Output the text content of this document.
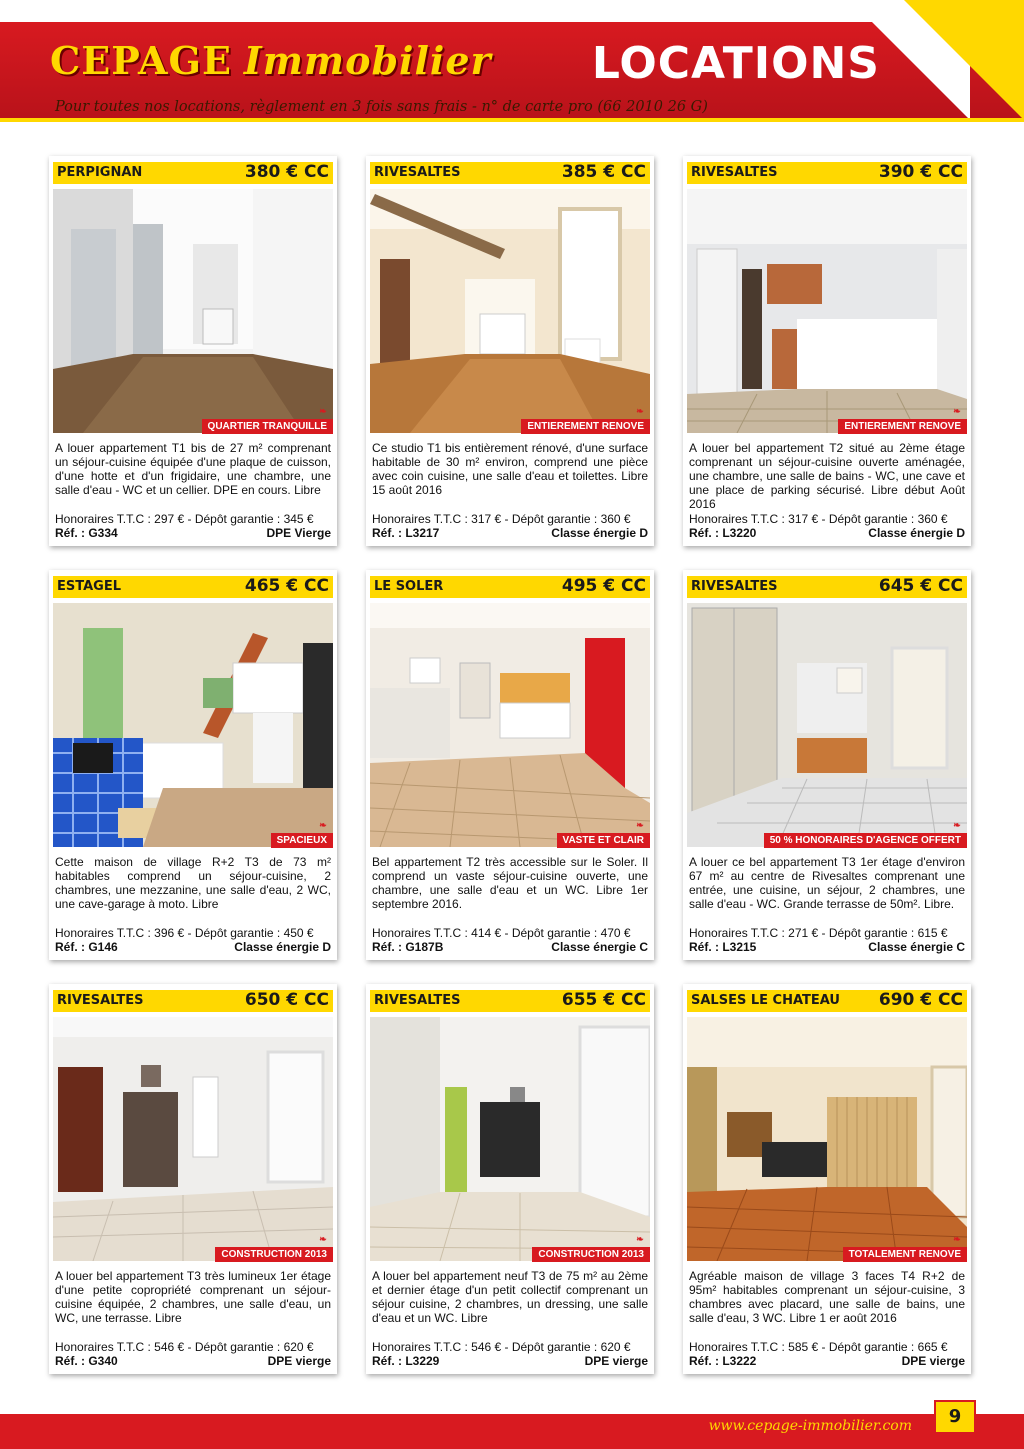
CEPAGE Immobilier LOCATIONS
Pour toutes nos locations, règlement en 3 fois sans frais - n° de carte pro (66 2010 26 G)
PERPIGNAN	380 € CC
❧
QUARTIER TRANQUILLE
A louer appartement T1 bis de 27 m² comprenant un séjour-cuisine équipée d'une plaque de cuisson, d'une hotte et d'un frigidaire, une chambre, une salle d'eau - WC et un cellier. DPE en cours. Libre
Honoraires T.T.C : 297 € - Dépôt garantie : 345 €
Réf. : G334	DPE Vierge
RIVESALTES	385 € CC
❧
ENTIEREMENT RENOVE
Ce studio T1 bis entièrement rénové, d'une surface habitable de 30 m² environ, comprend une pièce avec coin cuisine, une salle d'eau et toilettes. Libre 15 août 2016
Honoraires T.T.C : 317 € - Dépôt garantie : 360 €
Réf. : L3217	Classe énergie D
RIVESALTES	390 € CC
❧
ENTIEREMENT RENOVE
A louer bel appartement T2 situé au 2ème étage comprenant un séjour-cuisine ouverte aménagée, une chambre, une salle de bains - WC, une cave et une place de parking sécurisé. Libre début Août 2016
Honoraires T.T.C : 317 € - Dépôt garantie : 360 €
Réf. : L3220	Classe énergie D
ESTAGEL	465 € CC
❧
SPACIEUX
Cette maison de village R+2 T3 de 73 m² habitables comprend un séjour-cuisine, 2 chambres, une mezzanine, une salle d'eau, 2 WC, une cave-garage à moto. Libre
Honoraires T.T.C : 396 € - Dépôt garantie : 450 €
Réf. : G146	Classe énergie D
LE SOLER	495 € CC
❧
VASTE ET CLAIR
Bel appartement T2 très accessible sur le Soler. Il comprend un vaste séjour-cuisine ouverte, une chambre, une salle d'eau et un WC. Libre 1er septembre 2016.
Honoraires T.T.C : 414 € - Dépôt garantie : 470 €
Réf. : G187B	Classe énergie C
RIVESALTES	645 € CC
❧
50 % HONORAIRES D'AGENCE OFFERT
A louer ce bel appartement T3 1er étage d'environ 67 m² au centre de Rivesaltes comprenant une entrée, une cuisine, un séjour, 2 chambres, une salle d'eau - WC. Grande terrasse de 50m². Libre.
Honoraires T.T.C : 271 € - Dépôt garantie : 615 €
Réf. : L3215	Classe énergie C
RIVESALTES	650 € CC
❧
CONSTRUCTION 2013
A louer bel appartement T3 très lumineux 1er étage d'une petite copropriété comprenant un séjour-cuisine équipée, 2 chambres, une salle d'eau, un WC, une terrasse. Libre
Honoraires T.T.C : 546 € - Dépôt garantie : 620 €
Réf. : G340	DPE vierge
RIVESALTES	655 € CC
❧
CONSTRUCTION 2013
A louer bel appartement neuf T3 de 75 m² au 2ème et dernier étage d'un petit collectif comprenant un séjour cuisine, 2 chambres, un dressing, une salle d'eau et un WC. Libre
Honoraires T.T.C : 546 € - Dépôt garantie : 620 €
Réf. : L3229	DPE vierge
SALSES LE CHATEAU 690 € CC
❧
TOTALEMENT RENOVE
Agréable maison de village 3 faces T4 R+2 de 95m² habitables comprenant un séjour-cuisine, 3 chambres avec placard, une salle de bains, une salle d'eau, 3 WC. Libre 1 er août 2016
Honoraires T.T.C : 585 € - Dépôt garantie : 665 €
Réf. : L3222	DPE vierge
www.cepage-immobilier.com	9
